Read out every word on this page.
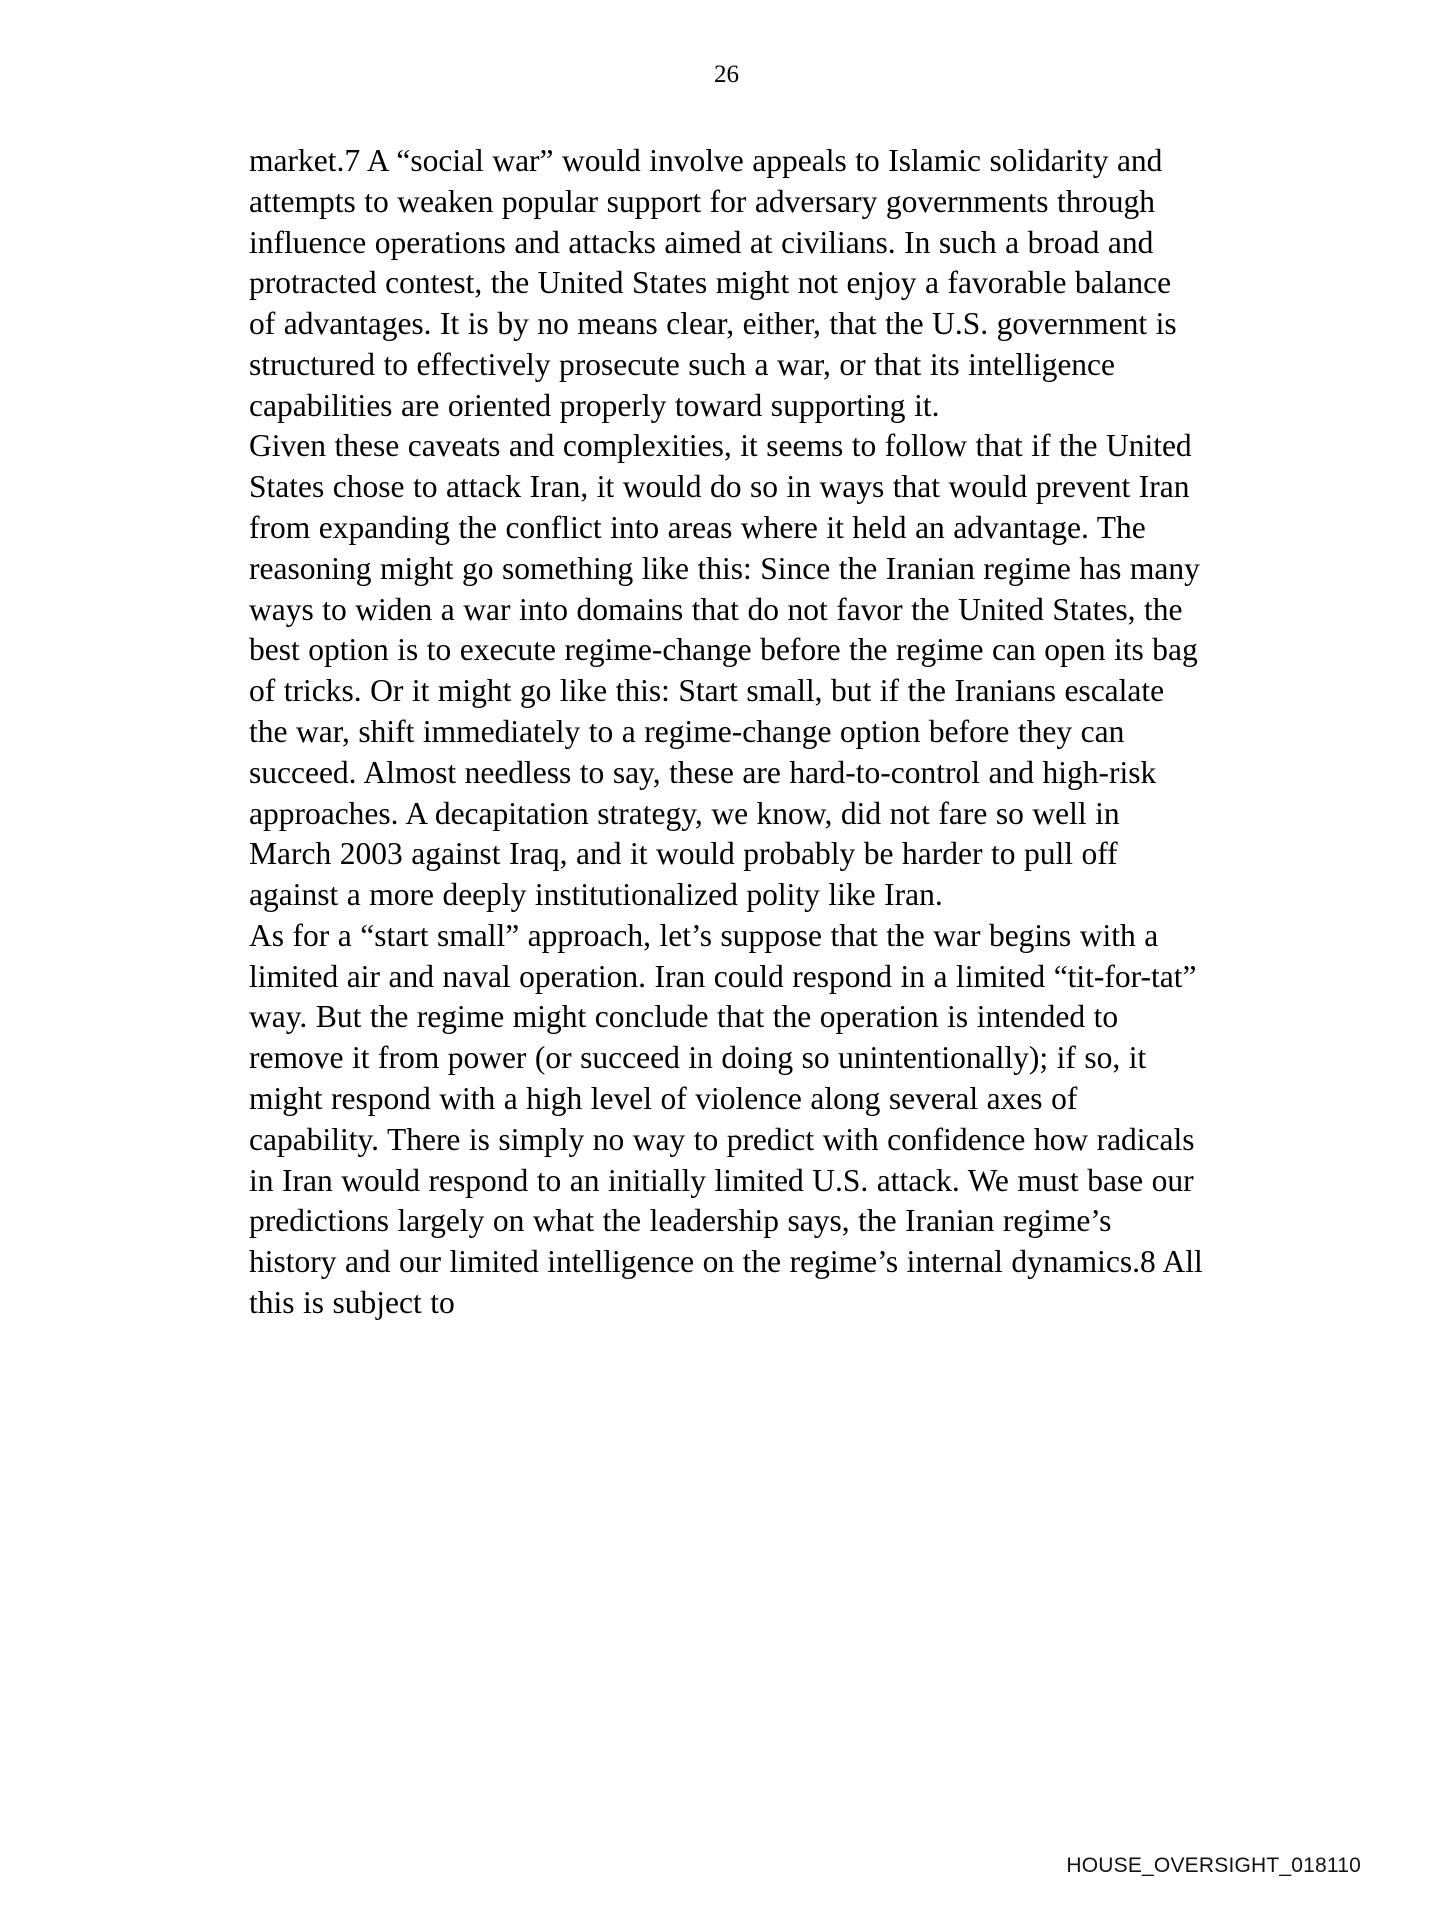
26

market.7 A “social war” would involve appeals to Islamic solidarity and attempts to weaken popular support for adversary governments through influence operations and attacks aimed at civilians. In such a broad and protracted contest, the United States might not enjoy a favorable balance of advantages. It is by no means clear, either, that the U.S. government is structured to effectively prosecute such a war, or that its intelligence capabilities are oriented properly toward supporting it.

Given these caveats and complexities, it seems to follow that if the United States chose to attack Iran, it would do so in ways that would prevent Iran from expanding the conflict into areas where it held an advantage. The reasoning might go something like this: Since the Iranian regime has many ways to widen a war into domains that do not favor the United States, the best option is to execute regime-change before the regime can open its bag of tricks. Or it might go like this: Start small, but if the Iranians escalate the war, shift immediately to a regime-change option before they can succeed. Almost needless to say, these are hard-to-control and high-risk approaches. A decapitation strategy, we know, did not fare so well in March 2003 against Iraq, and it would probably be harder to pull off against a more deeply institutionalized polity like Iran.

As for a “start small” approach, let’s suppose that the war begins with a limited air and naval operation. Iran could respond in a limited “tit-for-tat” way. But the regime might conclude that the operation is intended to remove it from power (or succeed in doing so unintentionally); if so, it might respond with a high level of violence along several axes of capability. There is simply no way to predict with confidence how radicals in Iran would respond to an initially limited U.S. attack. We must base our predictions largely on what the leadership says, the Iranian regime’s history and our limited intelligence on the regime’s internal dynamics.8 All this is subject to

HOUSE_OVERSIGHT_018110
